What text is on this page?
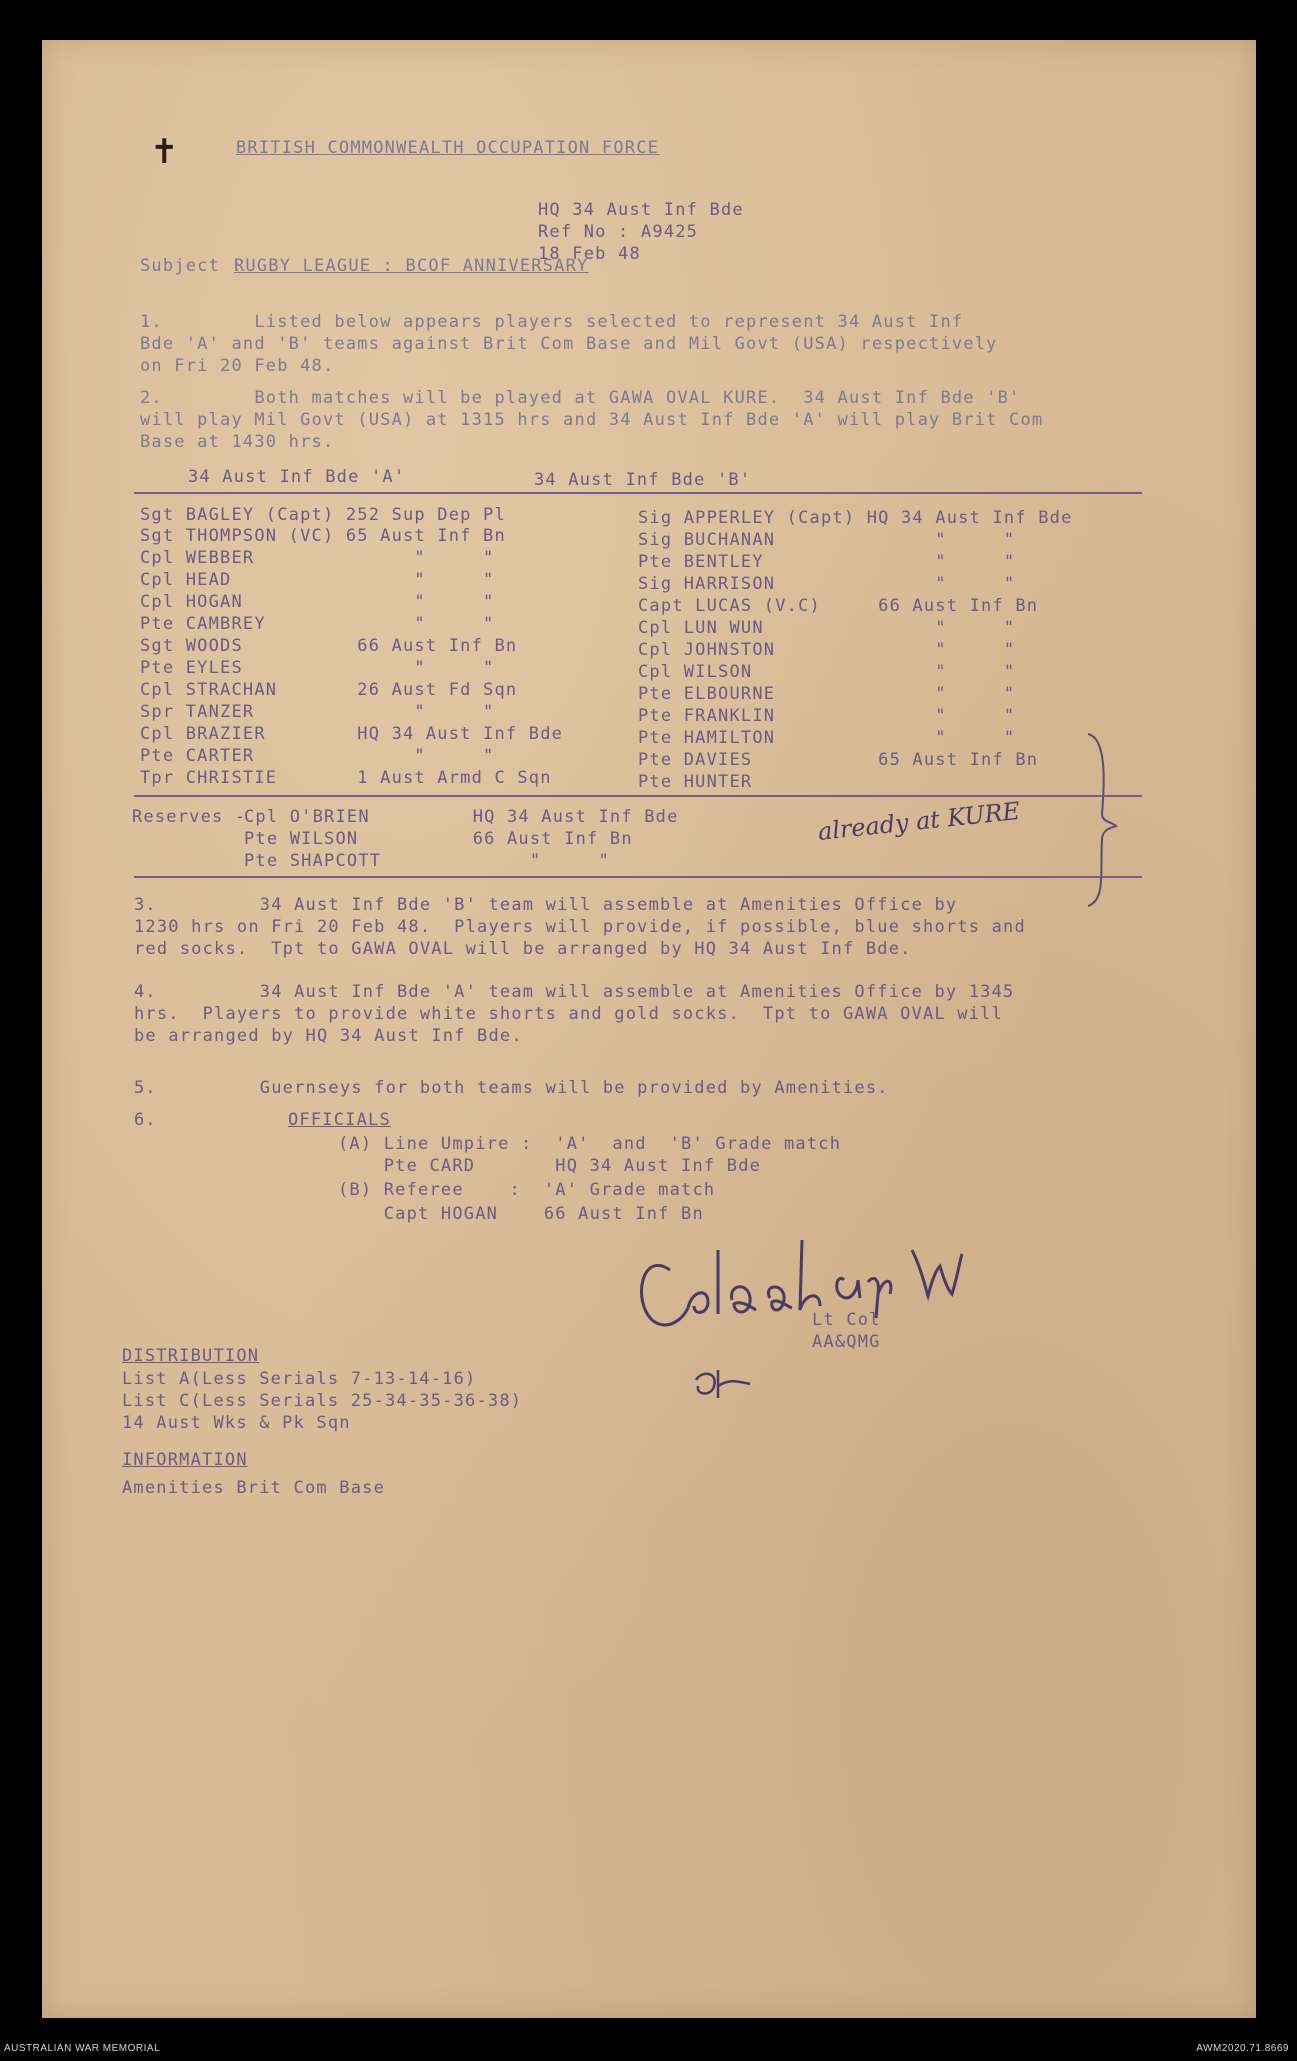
✝	BRITISH COMMONWEALTH OCCUPATION FORCE
HQ 34 Aust Inf Bde
Ref No : A9425
18 Feb 48
Subject :
RUGBY LEAGUE : BCOF ANNIVERSARY
1.        Listed below appears players selected to represent 34 Aust Inf
Bde 'A' and 'B' teams against Brit Com Base and Mil Govt (USA) respectively
on Fri 20 Feb 48.
2.        Both matches will be played at GAWA OVAL KURE.  34 Aust Inf Bde 'B'
will play Mil Govt (USA) at 1315 hrs and 34 Aust Inf Bde 'A' will play Brit Com
Base at 1430 hrs.
34 Aust Inf Bde 'A'	34 Aust Inf Bde 'B'
Sgt BAGLEY (Capt) 252 Sup Dep Pl
Sgt THOMPSON (VC) 65 Aust Inf Bn
Cpl WEBBER              "     "
Cpl HEAD                "     "
Cpl HOGAN               "     "
Pte CAMBREY             "     "
Sgt WOODS          66 Aust Inf Bn
Pte EYLES               "     "
Cpl STRACHAN       26 Aust Fd Sqn
Spr TANZER              "     "
Cpl BRAZIER        HQ 34 Aust Inf Bde
Pte CARTER              "     "
Tpr CHRISTIE       1 Aust Armd C Sqn
Sig APPERLEY (Capt) HQ 34 Aust Inf Bde
Sig BUCHANAN              "     "
Pte BENTLEY               "     "
Sig HARRISON              "     "
Capt LUCAS (V.C)     66 Aust Inf Bn
Cpl LUN WUN               "     "
Cpl JOHNSTON              "     "
Cpl WILSON                "     "
Pte ELBOURNE              "     "
Pte FRANKLIN              "     "
Pte HAMILTON              "     "
Pte DAVIES           65 Aust Inf Bn
Pte HUNTER
already at KURE
Reserves -
Cpl O'BRIEN         HQ 34 Aust Inf Bde
Pte WILSON          66 Aust Inf Bn
Pte SHAPCOTT             "     "
3.         34 Aust Inf Bde 'B' team will assemble at Amenities Office by
1230 hrs on Fri 20 Feb 48.  Players will provide, if possible, blue shorts and
red socks.  Tpt to GAWA OVAL will be arranged by HQ 34 Aust Inf Bde.
4.         34 Aust Inf Bde 'A' team will assemble at Amenities Office by 1345
hrs.  Players to provide white shorts and gold socks.  Tpt to GAWA OVAL will
be arranged by HQ 34 Aust Inf Bde.
5.         Guernseys for both teams will be provided by Amenities.
6.	OFFICIALS
(A) Line Umpire :  'A'  and  'B' Grade match
Pte CARD       HQ 34 Aust Inf Bde
(B) Referee    :  'A' Grade match
Capt HOGAN    66 Aust Inf Bn
Lt Col
AA&QMG
DISTRIBUTION
List A(Less Serials 7-13-14-16)
List C(Less Serials 25-34-35-36-38)
14 Aust Wks & Pk Sqn
INFORMATION
Amenities Brit Com Base
AUSTRALIAN WAR MEMORIAL	AWM2020.71.8669
